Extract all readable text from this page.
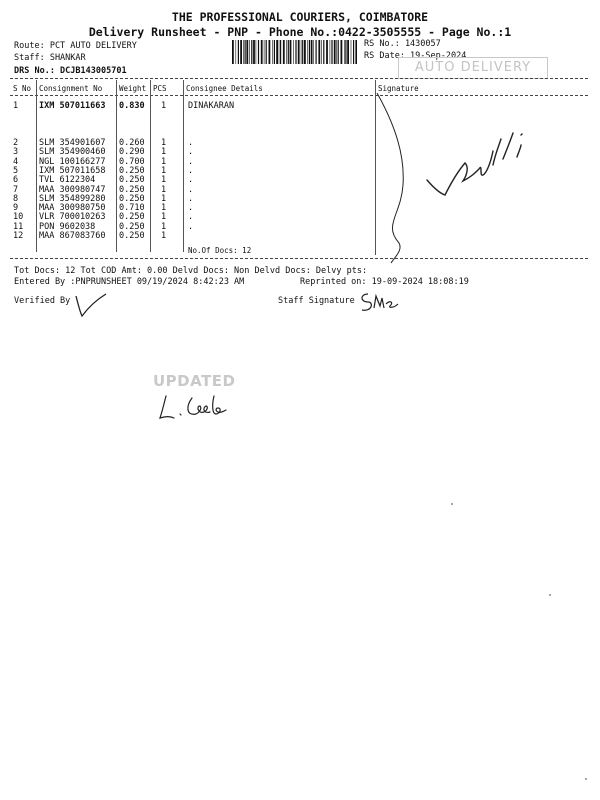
THE PROFESSIONAL COURIERS, COIMBATORE
Delivery Runsheet - PNP - Phone No.:0422-3505555 - Page No.:1
Route: PCT AUTO DELIVERY
Staff: SHANKAR
DRS No.: DCJB143005701
RS No.: 1430057
RS Date: 19-Sep-2024
AUTO DELIVERY
S No Consignment No Weight PCS	Consignee Details	Signature
1 IXM 507011663 0.830 1	DINAKARAN
2 SLM 354901607 0.260 1	.
3 SLM 354900460 0.290 1	.
4 NGL 100166277 0.700 1	.
5 IXM 507011658 0.250 1	.
6 TVL 6122304	0.250 1	.
7 MAA 300980747 0.250 1	.
8 SLM 354899280 0.250 1	.
9 MAA 300980750 0.710 1	.
10 VLR 700010263 0.250 1	.
11 PON 9602038	0.250 1	.
12 MAA 867083760 0.250 1
No.Of Docs: 12
Tot Docs: 12 Tot COD Amt: 0.00 Delvd Docs: Non Delvd Docs: Delvy pts:
Entered By :PNPRUNSHEET 09/19/2024 8:42:23 AM	Reprinted on: 19-09-2024 18:08:19
Verified By	Staff Signature
UPDATED
